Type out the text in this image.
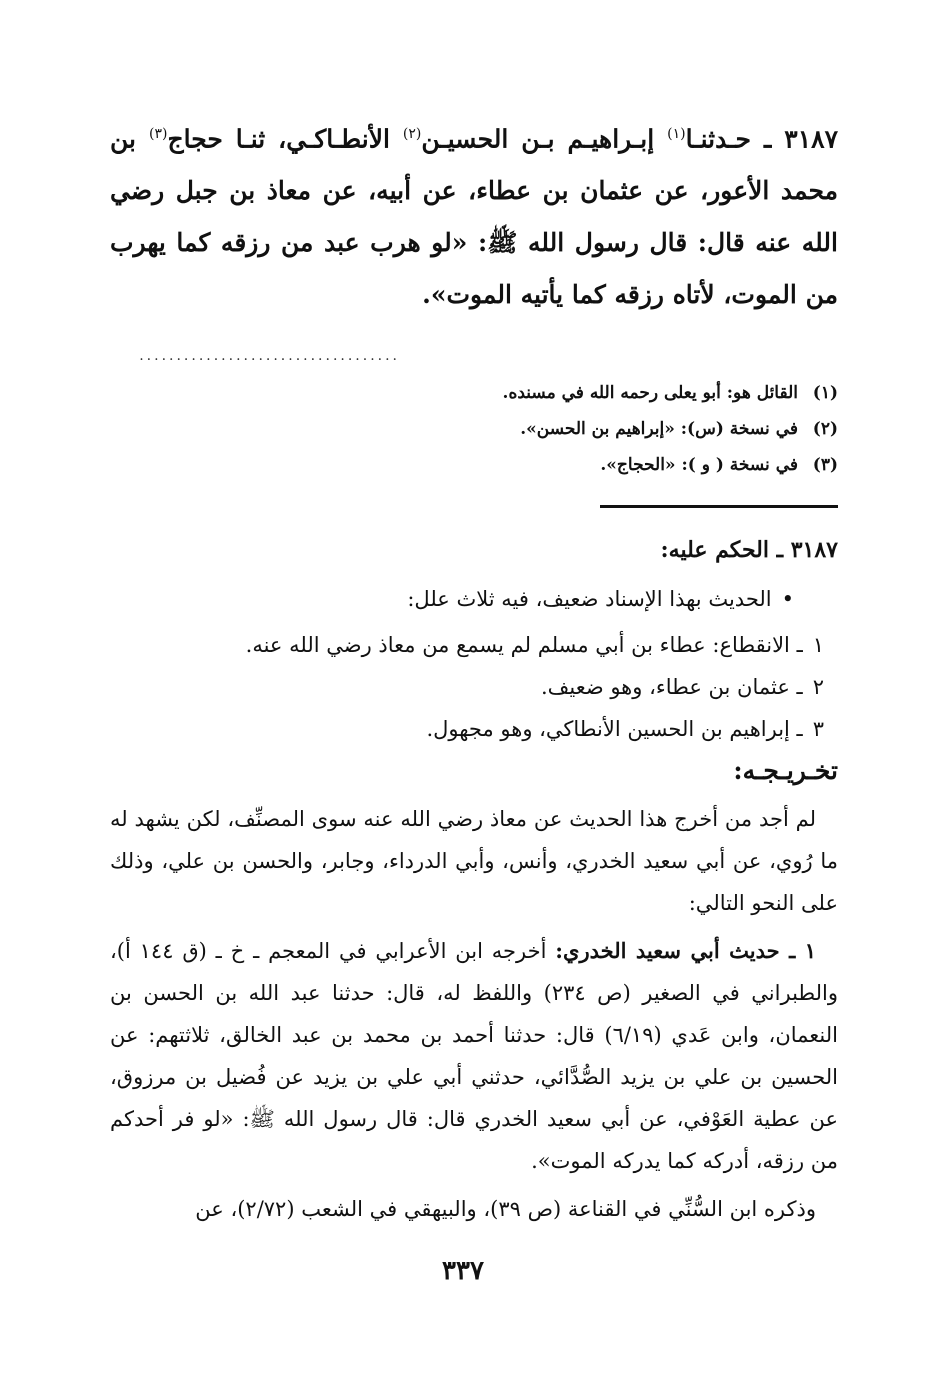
٣١٨٧ ـ حـدثنـا$^{(١)}$ إبـراهيـم بـن الحسيـن$^{(٢)}$ الأنطـاكـي، ثنـا حجاج$^{(٣)}$ بن محمد الأعور، عن عثمان بن عطاء، عن أبيه، عن معاذ بن جبل رضي الله عنه قال: قال رسول الله ﷺ: «لو هرب عبد من رزقه كما يهرب من الموت، لأتاه رزقه كما يأتيه الموت».

...................................
(١)
القائل هو: أبو يعلى رحمه الله في مسنده.
(٢)
في نسخة (س): «إبراهيم بن الحسن».
(٣)
في نسخة ( و ): «الحجاج».
٣١٨٧ ـ الحكم عليه:
• الحديث بهذا الإسناد ضعيف، فيه ثلاث علل:
١
ـ الانقطاع: عطاء بن أبي مسلم لم يسمع من معاذ رضي الله عنه.
٢
ـ عثمان بن عطاء، وهو ضعيف.
٣
ـ إبراهيم بن الحسين الأنطاكي، وهو مجهول.
تخـريـجـه:

لم أجد من أخرج هذا الحديث عن معاذ رضي الله عنه سوى المصنِّف، لكن يشهد له ما رُوي، عن أبي سعيد الخدري، وأنس، وأبي الدرداء، وجابر، والحسن بن علي، وذلك على النحو التالي:

١ ـ حديث أبي سعيد الخدري: أخرجه ابن الأعرابي في المعجم ـ خ ـ (ق ١٤٤ أ)، والطبراني في الصغير (ص ٢٣٤) واللفظ له، قال: حدثنا عبد الله بن الحسن بن النعمان، وابن عَدي (٦/١٩) قال: حدثنا أحمد بن محمد بن عبد الخالق، ثلاثتهم: عن الحسين بن علي بن يزيد الصُّدَّائي، حدثني أبي علي بن يزيد عن فُضيل بن مرزوق، عن عطية العَوْفي، عن أبي سعيد الخدري قال: قال رسول الله ﷺ: «لو فر أحدكم من رزقه، أدركه كما يدركه الموت».

وذكره ابن السُّنِّي في القناعة (ص ٣٩)، والبيهقي في الشعب (٢/٧٢)، عن

٣٣٧
